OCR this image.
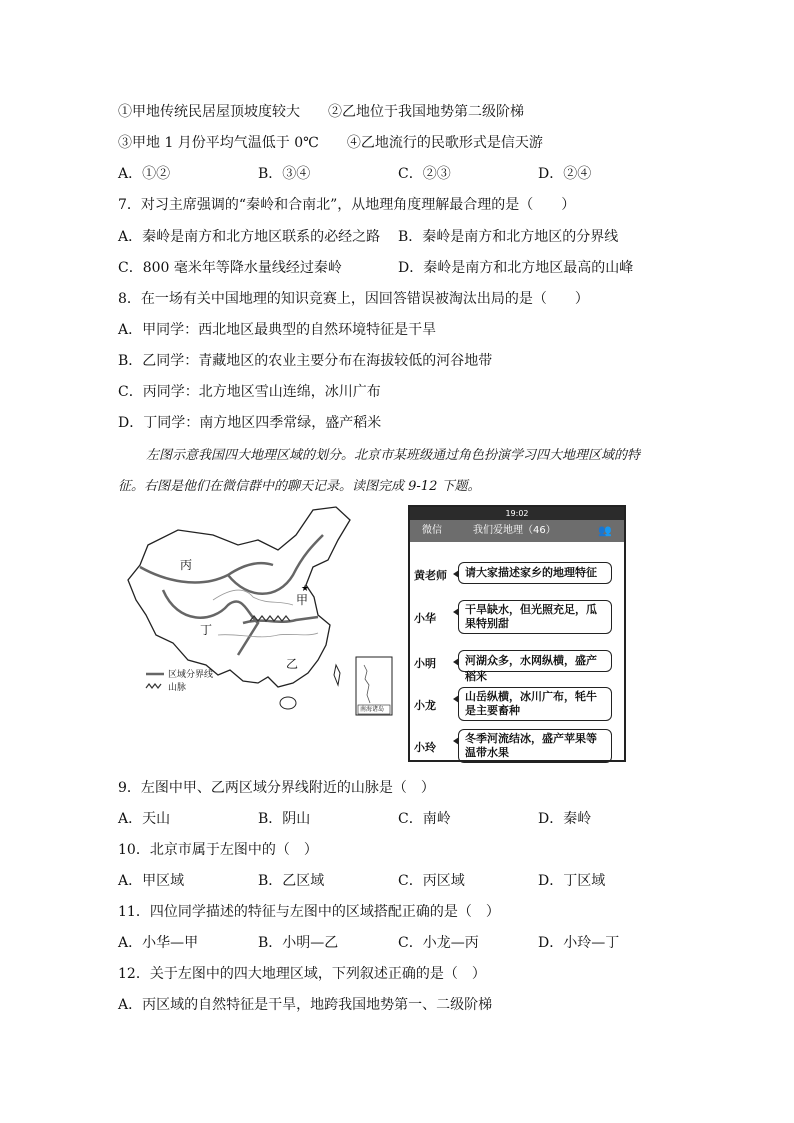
①甲地传统民居屋顶坡度较大　　②乙地位于我国地势第二级阶梯
③甲地 1 月份平均气温低于 0℃　　④乙地流行的民歌形式是信天游
A．①②	B．③④	C．②③	D．②④
7．对习主席强调的“秦岭和合南北”，从地理角度理解最合理的是（　　）
A．秦岭是南方和北方地区联系的必经之路 B．秦岭是南方和北方地区的分界线
C．800 毫米年等降水量线经过秦岭	D．秦岭是南方和北方地区最高的山峰
8．在一场有关中国地理的知识竞赛上，因回答错误被淘汰出局的是（　　）
A．甲同学：西北地区最典型的自然环境特征是干旱
B．乙同学：青藏地区的农业主要分布在海拔较低的河谷地带
C．丙同学：北方地区雪山连绵，冰川广布
D．丁同学：南方地区四季常绿，盛产稻米
左图示意我国四大地理区域的划分。北京市某班级通过角色扮演学习四大地理区域的特
征。右图是他们在微信群中的聊天记录。读图完成 9-12 下题。
★
丙
甲
丁
乙
区域分界线
山脉
南海诸岛
19:02
微信	我们爱地理（46）	👥
黄老师	请大家描述家乡的地理特征
小华
干旱缺水，但光照充足，瓜果特别甜
小明	河湖众多，水网纵横，盛产稻米
小龙
山岳纵横，冰川广布，牦牛是主要畜种
小玲
冬季河流结冰，盛产苹果等温带水果
9．左图中甲、乙两区域分界线附近的山脉是（　）
A．天山	B．阴山	C．南岭	D．秦岭
10．北京市属于左图中的（　）
A．甲区域	B．乙区域	C．丙区域	D．丁区域
11．四位同学描述的特征与左图中的区域搭配正确的是（　）
A．小华—甲	B．小明—乙	C．小龙—丙	D．小玲—丁
12．关于左图中的四大地理区域，下列叙述正确的是（　）
A．丙区域的自然特征是干旱，地跨我国地势第一、二级阶梯
